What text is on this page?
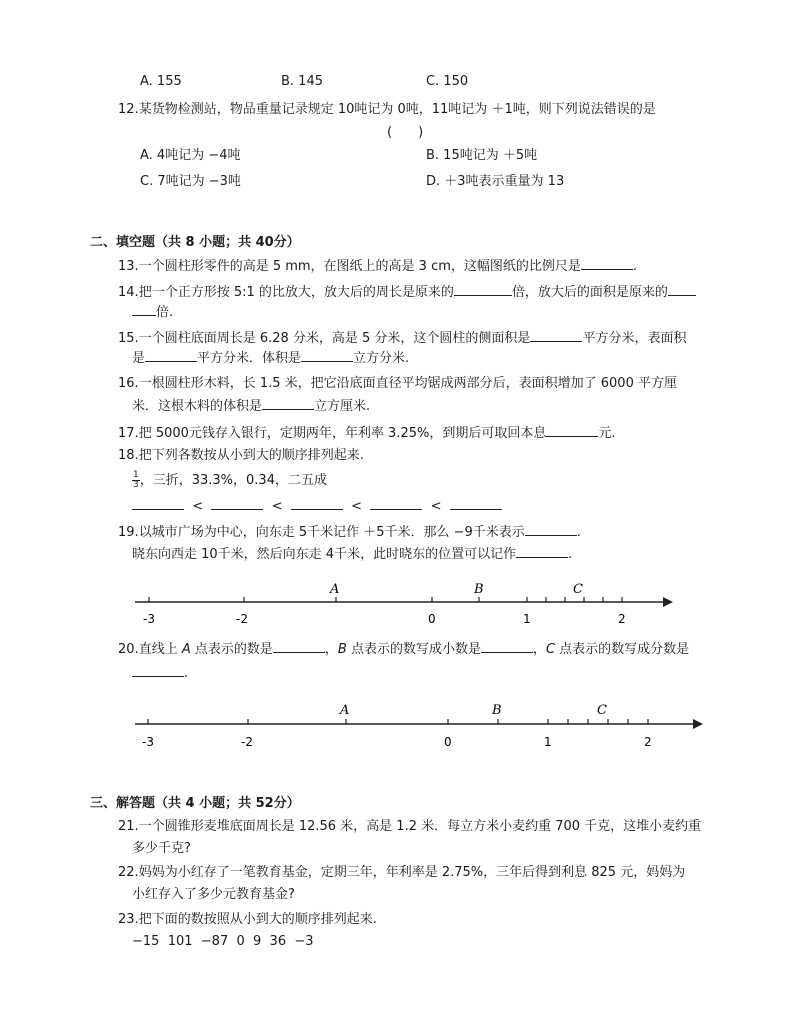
A. 155	B. 145	C. 150
12.某货物检测站，物品重量记录规定 10吨记为 0吨，11吨记为 ＋1吨，则下列说法错误的是
(　　)
A. 4吨记为 −4吨	B. 15吨记为 ＋5吨
C. 7吨记为 −3吨	D. ＋3吨表示重量为 13
二、填空题（共 8 小题；共 40分）
13.一个圆柱形零件的高是 5 mm，在图纸上的高是 3 cm，这幅图纸的比例尺是	.
14.把一个正方形按 5:1 的比放大，放大后的周长是原来的	倍，放大后的面积是原来的
倍.
15.一个圆柱底面周长是 6.28 分米，高是 5 分米，这个圆柱的侧面积是	平方分米，表面积
是	平方分米．体积是	立方分米.
16.一根圆柱形木料，长 1.5 米，把它沿底面直径平均锯成两部分后，表面积增加了 6000 平方厘
米．这根木料的体积是	立方厘米.
17.把 5000元钱存入银行，定期两年，年利率 3.25%，到期后可取回本息	元.
18.把下列各数按从小到大的顺序排列起来.
$\frac{1}{3}$ ，三折，33.3%，0.34，二五成
<	<	<	<
19.以城市广场为中心，向东走 5千米记作 ＋5千米．那么 −9千米表示	.
晓东向西走 10千米，然后向东走 4千米，此时晓东的位置可以记作	.
-3	-2	0	1	2
A	B	C
20.直线上 A 点表示的数是	，B 点表示的数写成小数是	，C 点表示的数写成分数是
.
-3	-2	0	1	2
A	B	C
三、解答题（共 4 小题；共 52分）
21.一个圆锥形麦堆底面周长是 12.56 米，高是 1.2 米．每立方米小麦约重 700 千克，这堆小麦约重
多少千克?
22.妈妈为小红存了一笔教育基金，定期三年，年利率是 2.75%，三年后得到利息 825 元，妈妈为
小红存入了多少元教育基金?
23.把下面的数按照从小到大的顺序排列起来.
−15  101  −87  0  9  36  −3
